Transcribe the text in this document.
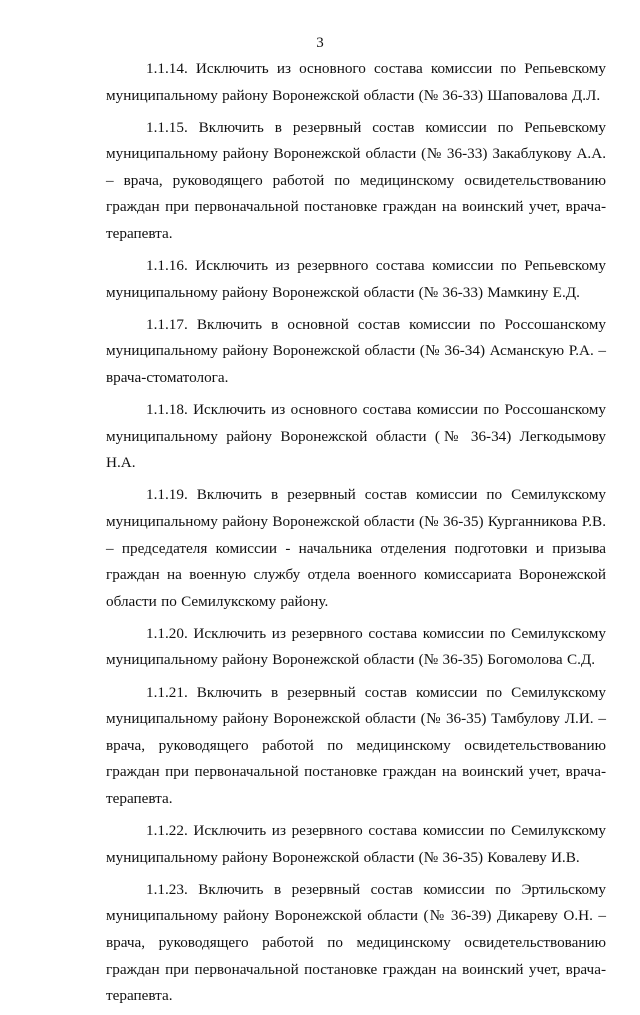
3

1.1.14. Исключить из основного состава комиссии по Репьевскому муниципальному району Воронежской области (№ 36-33) Шаповалова Д.Л.

1.1.15. Включить в резервный состав комиссии по Репьевскому муниципальному району Воронежской области (№ 36-33) Закаблукову А.А. – врача, руководящего работой по медицинскому освидетельствованию граждан при первоначальной постановке граждан на воинский учет, врача-терапевта.

1.1.16. Исключить из резервного состава комиссии по Репьевскому муниципальному району Воронежской области (№ 36-33) Мамкину Е.Д.

1.1.17. Включить в основной состав комиссии по Россошанскому муниципальному району Воронежской области (№ 36-34) Асманскую Р.А. – врача-стоматолога.

1.1.18. Исключить из основного состава комиссии по Россошанскому муниципальному району Воронежской области (№ 36-34) Легкодымову Н.А.

1.1.19. Включить в резервный состав комиссии по Семилукскому муниципальному району Воронежской области (№ 36-35) Курганникова Р.В. – председателя комиссии - начальника отделения подготовки и призыва граждан на военную службу отдела военного комиссариата Воронежской области по Семилукскому району.

1.1.20. Исключить из резервного состава комиссии по Семилукскому муниципальному району Воронежской области (№ 36-35) Богомолова С.Д.

1.1.21. Включить в резервный состав комиссии по Семилукскому муниципальному району Воронежской области (№ 36-35) Тамбулову Л.И. – врача, руководящего работой по медицинскому освидетельствованию граждан при первоначальной постановке граждан на воинский учет, врача-терапевта.

1.1.22. Исключить из резервного состава комиссии по Семилукскому муниципальному району Воронежской области (№ 36-35) Ковалеву И.В.

1.1.23. Включить в резервный состав комиссии по Эртильскому муниципальному району Воронежской области (№ 36-39) Дикареву О.Н. – врача, руководящего работой по медицинскому освидетельствованию граждан при первоначальной постановке граждан на воинский учет, врача-терапевта.
